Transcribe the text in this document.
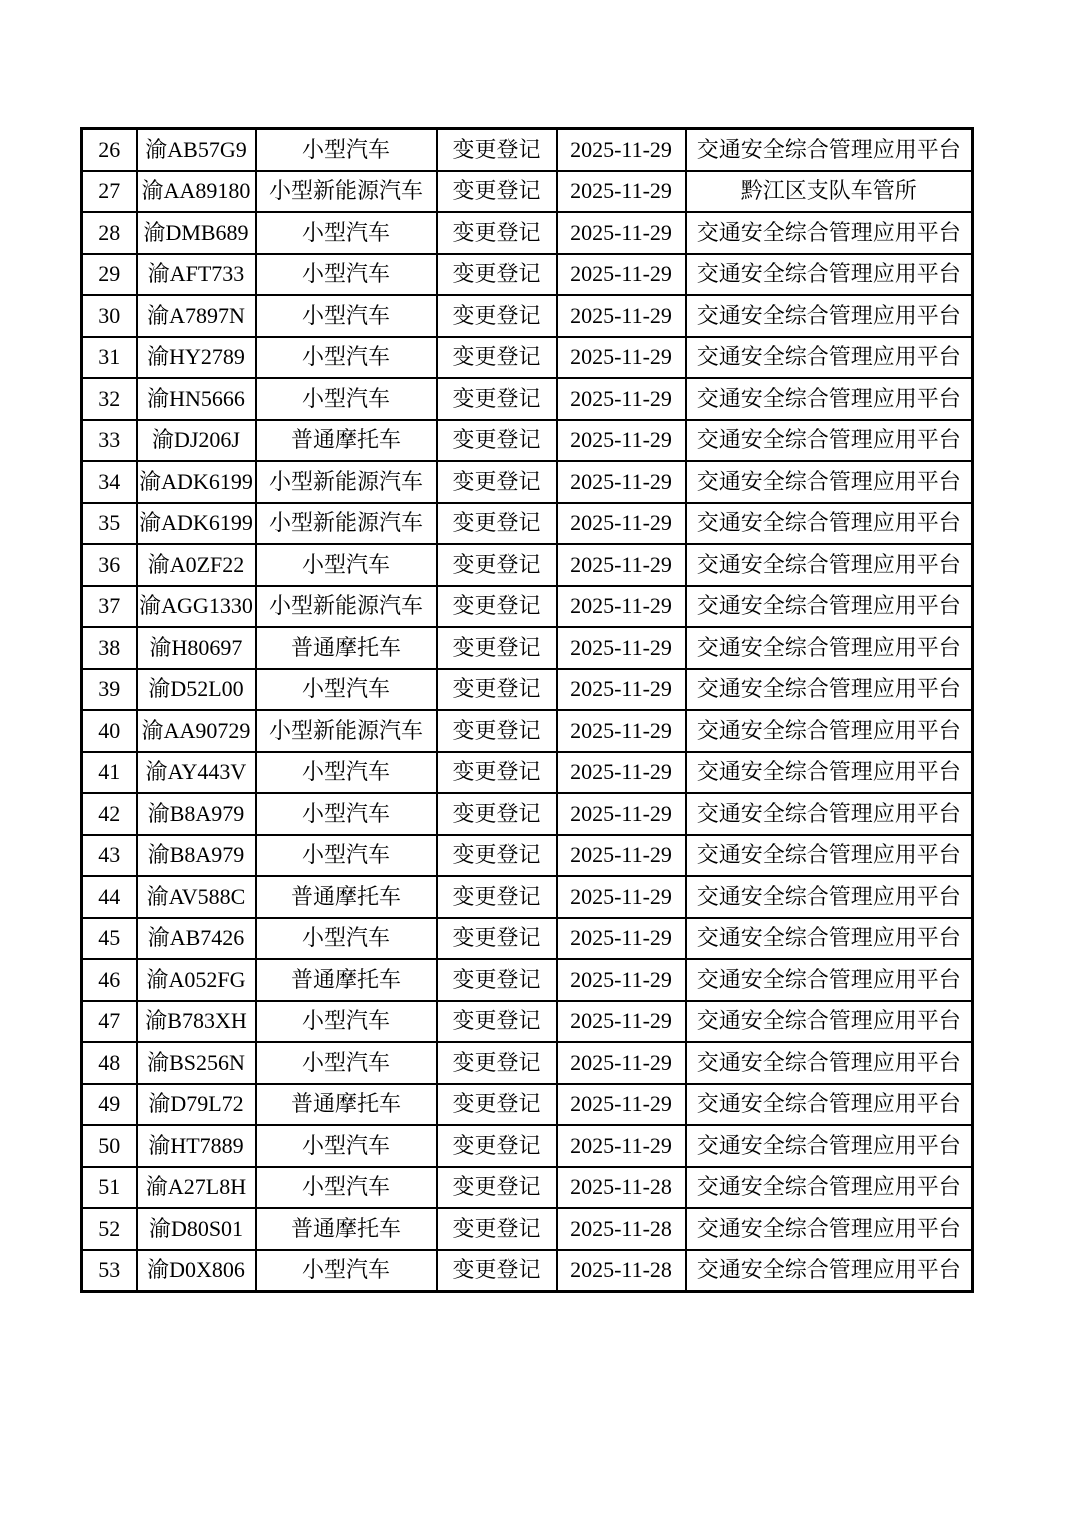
26	渝AB57G9	小型汽车	变更登记	2025-11-29	交通安全综合管理应用平台
27	渝AA89180	小型新能源汽车	变更登记	2025-11-29	黔江区支队车管所
28	渝DMB689	小型汽车	变更登记	2025-11-29	交通安全综合管理应用平台
29	渝AFT733	小型汽车	变更登记	2025-11-29	交通安全综合管理应用平台
30	渝A7897N	小型汽车	变更登记	2025-11-29	交通安全综合管理应用平台
31	渝HY2789	小型汽车	变更登记	2025-11-29	交通安全综合管理应用平台
32	渝HN5666	小型汽车	变更登记	2025-11-29	交通安全综合管理应用平台
33	渝DJ206J	普通摩托车	变更登记	2025-11-29	交通安全综合管理应用平台
34	渝ADK6199	小型新能源汽车	变更登记	2025-11-29	交通安全综合管理应用平台
35	渝ADK6199	小型新能源汽车	变更登记	2025-11-29	交通安全综合管理应用平台
36	渝A0ZF22	小型汽车	变更登记	2025-11-29	交通安全综合管理应用平台
37	渝AGG1330	小型新能源汽车	变更登记	2025-11-29	交通安全综合管理应用平台
38	渝H80697	普通摩托车	变更登记	2025-11-29	交通安全综合管理应用平台
39	渝D52L00	小型汽车	变更登记	2025-11-29	交通安全综合管理应用平台
40	渝AA90729	小型新能源汽车	变更登记	2025-11-29	交通安全综合管理应用平台
41	渝AY443V	小型汽车	变更登记	2025-11-29	交通安全综合管理应用平台
42	渝B8A979	小型汽车	变更登记	2025-11-29	交通安全综合管理应用平台
43	渝B8A979	小型汽车	变更登记	2025-11-29	交通安全综合管理应用平台
44	渝AV588C	普通摩托车	变更登记	2025-11-29	交通安全综合管理应用平台
45	渝AB7426	小型汽车	变更登记	2025-11-29	交通安全综合管理应用平台
46	渝A052FG	普通摩托车	变更登记	2025-11-29	交通安全综合管理应用平台
47	渝B783XH	小型汽车	变更登记	2025-11-29	交通安全综合管理应用平台
48	渝BS256N	小型汽车	变更登记	2025-11-29	交通安全综合管理应用平台
49	渝D79L72	普通摩托车	变更登记	2025-11-29	交通安全综合管理应用平台
50	渝HT7889	小型汽车	变更登记	2025-11-29	交通安全综合管理应用平台
51	渝A27L8H	小型汽车	变更登记	2025-11-28	交通安全综合管理应用平台
52	渝D80S01	普通摩托车	变更登记	2025-11-28	交通安全综合管理应用平台
53	渝D0X806	小型汽车	变更登记	2025-11-28	交通安全综合管理应用平台
